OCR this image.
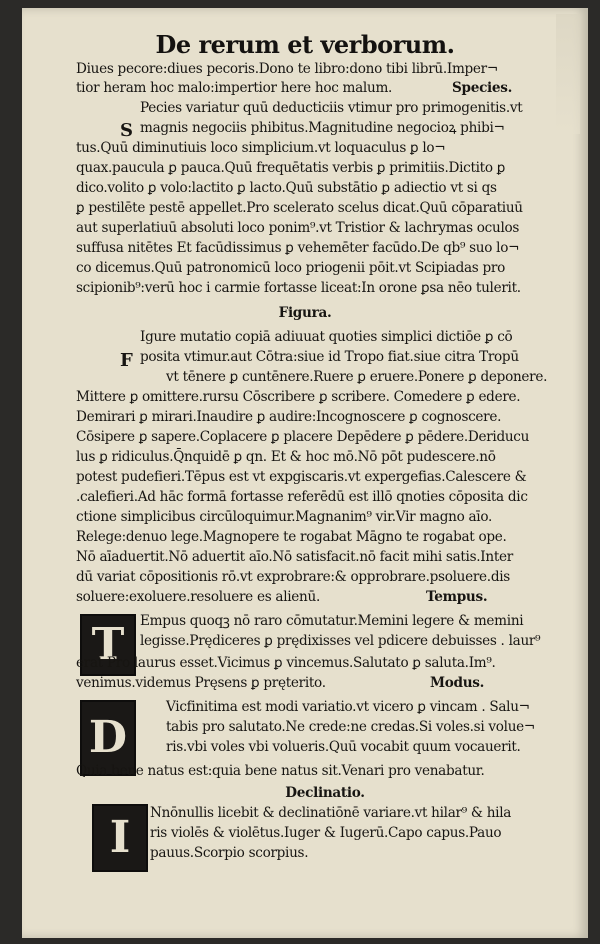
De rerum et verborum.
Diues pecore:diues pecoris.Dono te libro:dono tibi librū.Imper¬
tior heram hoc malo:impertior here hoc malum.	Species.
Pecies variatur quū deducticiis vtimur pro primogenitis.vt
S magnis negociis phibitus.Magnitudine negocioꝝ phibi¬
tus.Quū diminutiuis loco simplicium.vt loquaculus ꝑ lo¬
quax.paucula ꝑ pauca.Quū frequētatis verbis ꝑ primitiis.Dictito ꝑ
dico.volito ꝑ volo:lactito ꝑ lacto.Quū substātio ꝑ adiectio vt si qs
ꝑ pestilēte pestē appellet.Pro scelerato scelus dicat.Quū cōparatiuū
aut superlatiuū absoluti loco ponim⁹.vt Tristior & lachrymas oculos
suffusa nitētes Et facūdissimus ꝑ vehemēter facūdo.De qb⁹ suo lo¬
co dicemus.Quū patronomicū loco priogenii pōit.vt Scipiadas pro
scipionib⁹:verū hoc i carmie fortasse liceat:In orone ꝑsa nēo tulerit.
Figura.
Igure mutatio copiā adiuuat quoties simplici dictiōe ꝑ cō
F posita vtimur.aut Cōtra:siue id Tropo fiat.siue citra Tropū
vt tēnere ꝑ cuntēnere.Ruere ꝑ eruere.Ponere ꝑ deponere.
Mittere ꝑ omittere.rursu Cōscribere ꝑ scribere. Comedere ꝑ edere.
Demirari ꝑ mirari.Inaudire ꝑ audire:Incognoscere ꝑ cognoscere.
Cōsipere ꝑ sapere.Coplacere ꝑ placere Depēdere ꝑ pēdere.Deriducu
lus ꝑ ridiculus.Q̄nquidē ꝑ qn. Et & hoc mō.Nō pōt pudescere.nō
potest pudefieri.Tēpus est vt expgiscaris.vt expergefias.Calescere &
.calefieri.Ad hāc formā fortasse referēdū est illō qnoties cōposita dic
ctione simplicibus circūloquimur.Magnanim⁹ vir.Vir magno aīo.
Relege:denuo lege.Magnopere te rogabat Māgno te rogabat ope.
Nō aīaduertit.Nō aduertit aīo.Nō satisfacit.nō facit mihi satis.Inter
dū variat cōpositionis rō.vt exprobrare:& opprobrare.psoluere.dis
soluere:exoluere.resoluere es alienū.	Tempus.
T	Empus quoqꝫ nō raro cōmutatur.Memini legere & memini
legisse.Prędiceres ꝑ prędixisses vel pdicere debuisses . laur⁹
erat Pro laurus esset.Vicimus ꝑ vincemus.Salutato ꝑ saluta.Im⁹.
venimus.videmus Pręsens ꝑ pręterito.	Modus.
D
Vicfinitima est modi variatio.vt vicero ꝑ vincam . Salu¬
tabis pro salutato.Ne crede:ne credas.Si voles.si volue¬
ris.vbi voles vbi volueris.Quū vocabit quum vocauerit.
Quia bene natus est:quia bene natus sit.Venari pro venabatur.
Declinatio.
I	Nnōnullis licebit & declinatiōnē variare.vt hilar⁹ & hila
ris violēs & violētus.Iuger & Iugerū.Capo capus.Pauo
pauus.Scorpio scorpius.
